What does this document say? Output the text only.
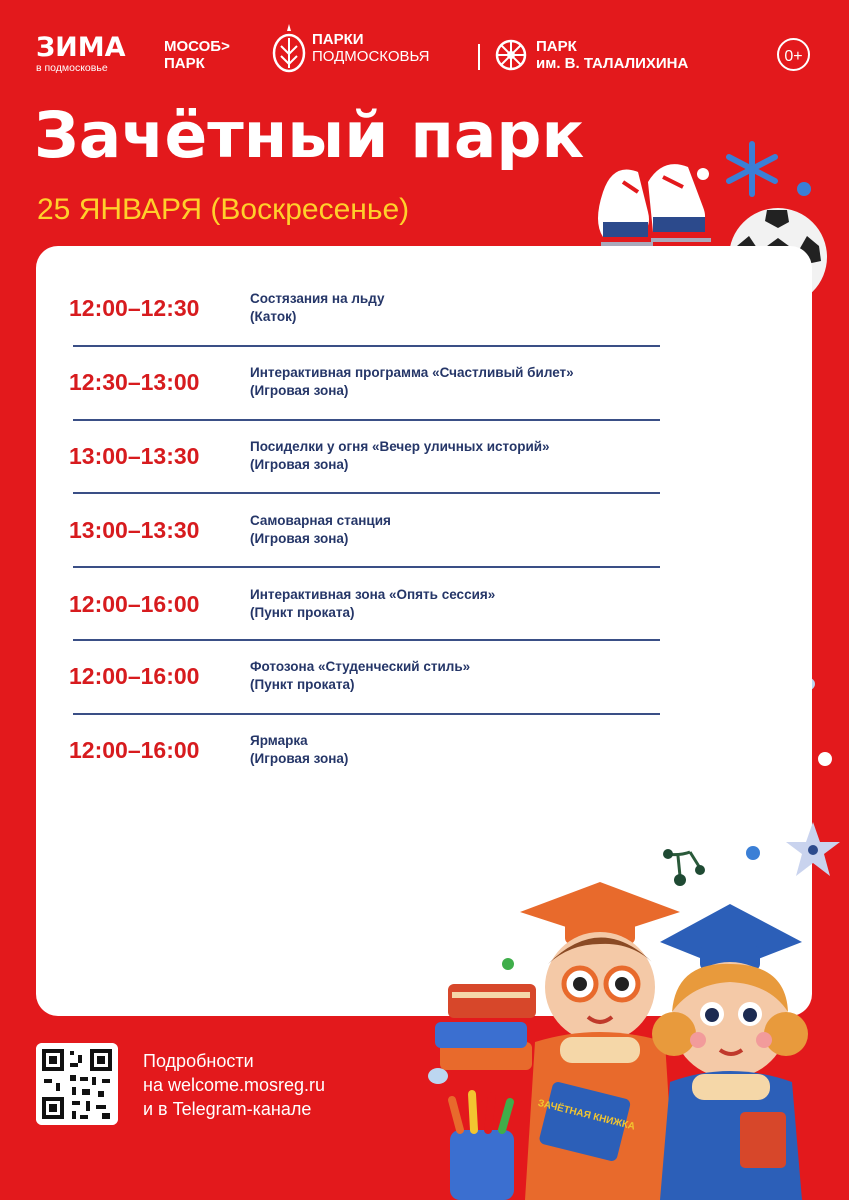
ЗИМА
в подмосковье
МОСОБ>
ПАРК
ПАРКИ
ПОДМОСКОВЬЯ
ПАРК
им. В. ТАЛАЛИХИНА	0+
Зачётный парк
25 ЯНВАРЯ (Воскресенье)
12:00–12:30	Состязания на льду
(Каток)
12:30–13:00	Интерактивная программа «Счастливый билет»
(Игровая зона)
13:00–13:30	Посиделки у огня «Вечер уличных историй»
(Игровая зона)
13:00–13:30	Самоварная станция
(Игровая зона)
12:00–16:00	Интерактивная зона «Опять сессия»
(Пункт проката)
12:00–16:00	Фотозона «Студенческий стиль»
(Пункт проката)
12:00–16:00	Ярмарка
(Игровая зона)
ЗАЧЁТНАЯ КНИЖКА
Подробности
на welcome.mosreg.ru
и в Telegram-канале
